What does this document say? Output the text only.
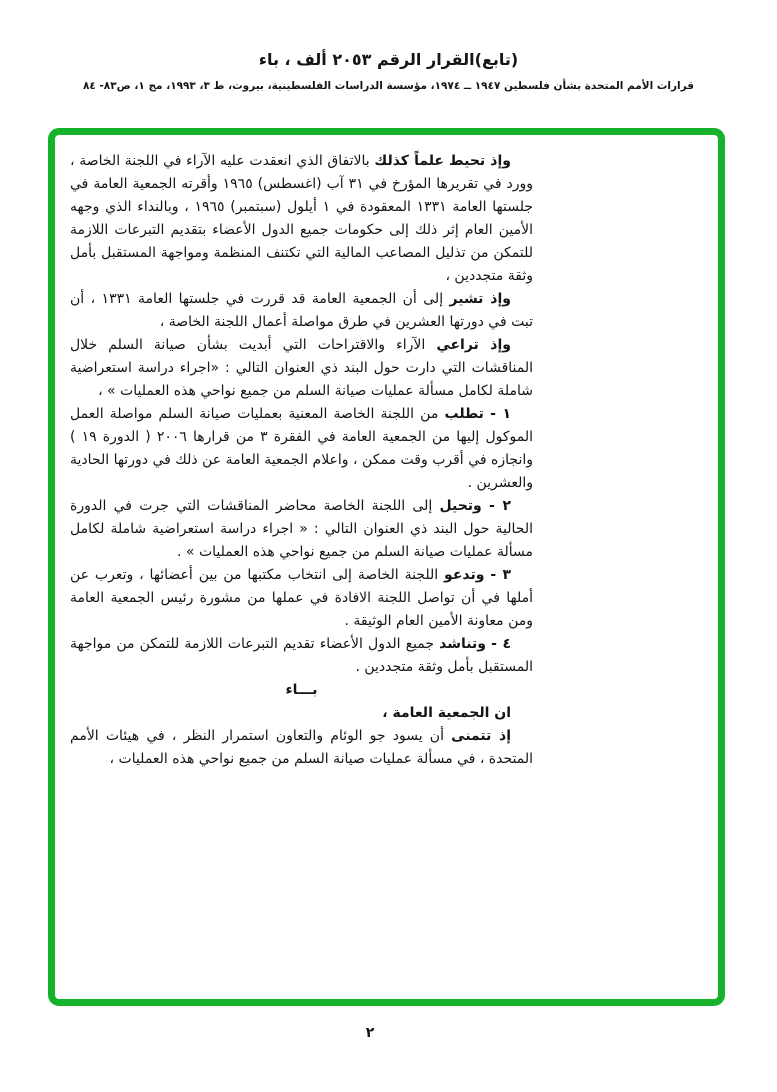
(تابع)القرار الرقم ٢٠٥٣ ألف ، باء
قرارات الأمم المتحدة بشأن فلسطين ١٩٤٧ ــ ١٩٧٤، مؤسسة الدراسات الفلسطينية، بيروت، ط ٣، ١٩٩٣، مج ١، ص٨٣- ٨٤

وإذ تحيط علماً كذلك بالاتفاق الذي انعقدت عليه الآراء في اللجنة الخاصة ، وورد في تقريرها المؤرخ في ٣١ آب (اغسطس) ١٩٦٥ وأقرته الجمعية العامة في جلستها العامة ١٣٣١ المعقودة في ١ أيلول (سبتمبر) ١٩٦٥ ، وبالنداء الذي وجهه الأمين العام إثر ذلك إلى حكومات جميع الدول الأعضاء بتقديم التبرعات اللازمة للتمكن من تذليل المصاعب المالية التي تكتنف المنظمة ومواجهة المستقبل بأمل وثقة متجددين ،

وإذ تشير إلى أن الجمعية العامة قد قررت في جلستها العامة ١٣٣١ ، أن تبت في دورتها العشرين في طرق مواصلة أعمال اللجنة الخاصة ،

وإذ تراعي الآراء والاقتراحات التي أبديت بشأن صيانة السلم خلال المناقشات التي دارت حول البند ذي العنوان التالي : «اجراء دراسة استعراضية شاملة لكامل مسألة عمليات صيانة السلم من جميع نواحي هذه العمليات » ،

١ - تطلب من اللجنة الخاصة المعنية بعمليات صيانة السلم مواصلة العمل الموكول إليها من الجمعية العامة في الفقرة ٣ من قرارها ٢٠٠٦ ( الدورة ١٩ ) وانجازه في أقرب وقت ممكن ، واعلام الجمعية العامة عن ذلك في دورتها الحادية والعشرين .

٢ - وتحيل إلى اللجنة الخاصة محاضر المناقشات التي جرت في الدورة الحالية حول البند ذي العنوان التالي : « اجراء دراسة استعراضية شاملة لكامل مسألة عمليات صيانة السلم من جميع نواحي هذه العمليات » .

٣ - وتدعو اللجنة الخاصة إلى انتخاب مكتبها من بين أعضائها ، وتعرب عن أملها في أن تواصل اللجنة الافادة في عملها من مشورة رئيس الجمعية العامة ومن معاونة الأمين العام الوثيقة .

٤ - وتناشد جميع الدول الأعضاء تقديم التبرعات اللازمة للتمكن من مواجهة المستقبل بأمل وثقة متجددين .

بـــاء

ان الجمعية العامة ،

إذ تتمنى أن يسود جو الوئام والتعاون استمرار النظر ، في هيئات الأمم المتحدة ، في مسألة عمليات صيانة السلم من جميع نواحي هذه العمليات ،

٢
